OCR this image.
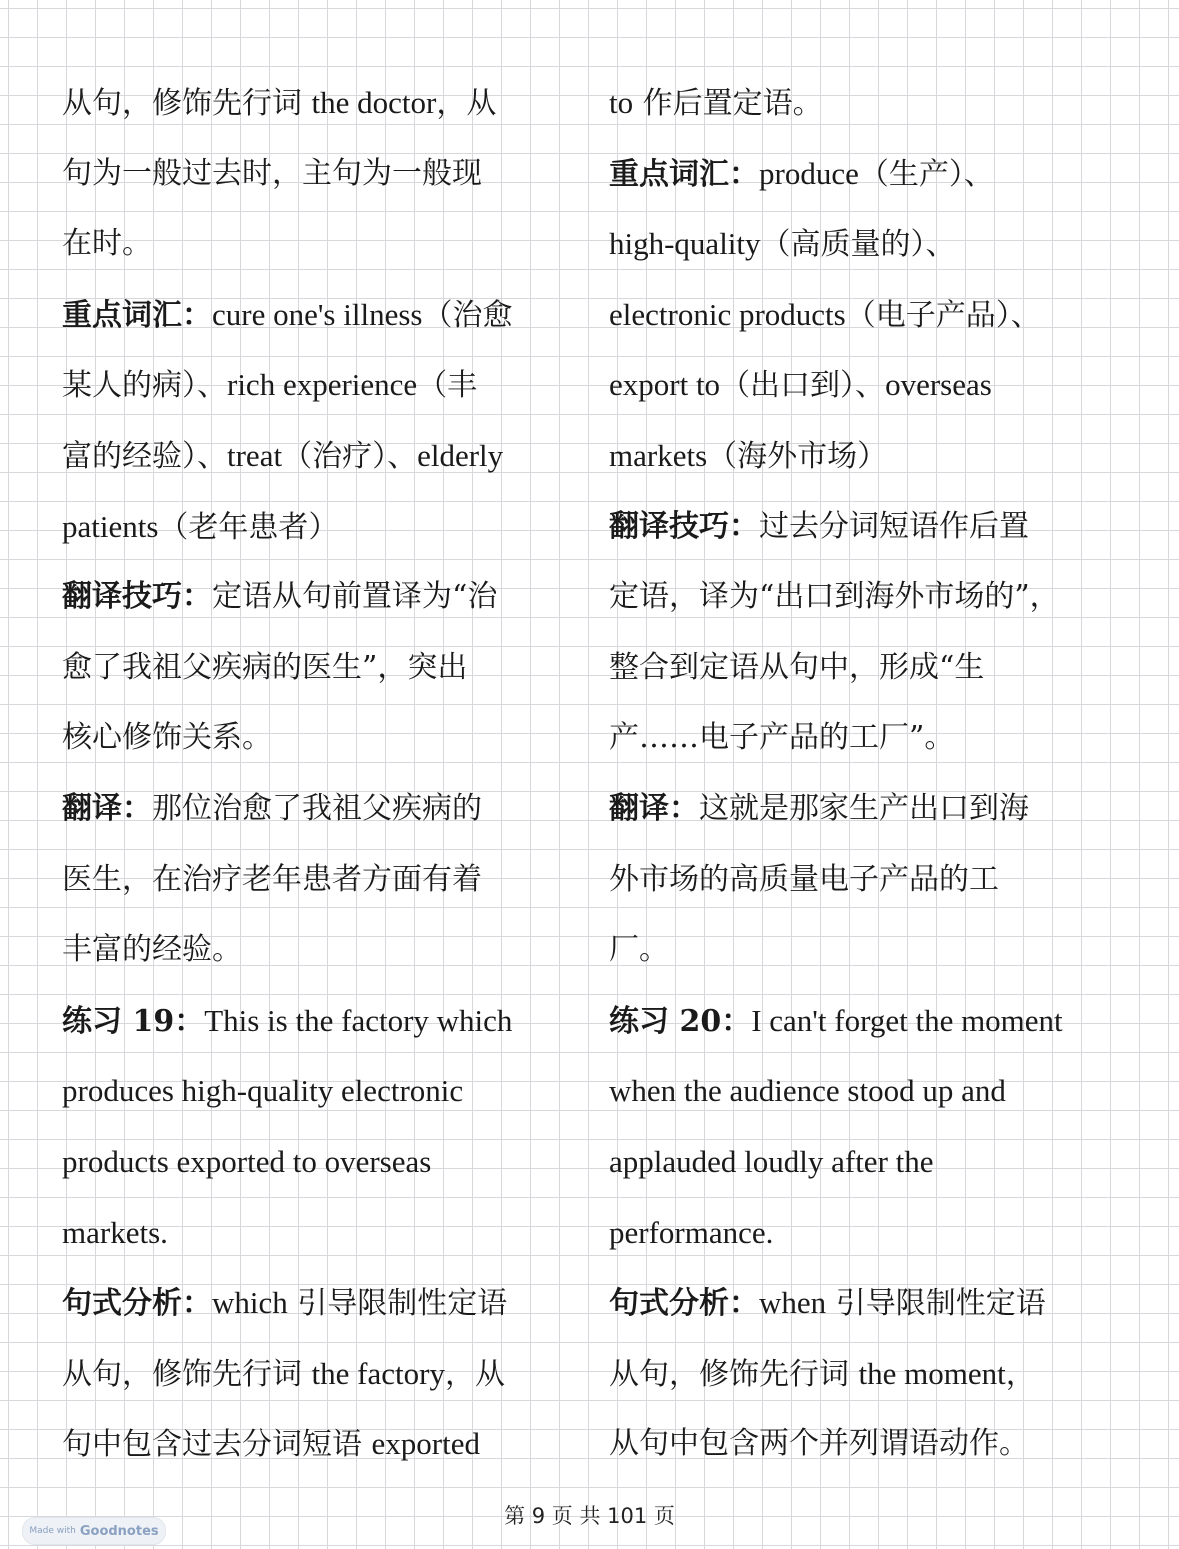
从句，修饰先行词 the doctor，从
句为一般过去时，主句为一般现
在时。
重点词汇：cure one's illness（治愈
某人的病）、rich experience（丰
富的经验）、treat（治疗）、elderly
patients（老年患者）
翻译技巧：定语从句前置译为“治
愈了我祖父疾病的医生”，突出
核心修饰关系。
翻译：那位治愈了我祖父疾病的
医生，在治疗老年患者方面有着
丰富的经验。
练习 19：This is the factory which
produces high-quality electronic
products exported to overseas
markets.
句式分析：which 引导限制性定语
从句，修饰先行词 the factory，从
句中包含过去分词短语 exported
to 作后置定语。
重点词汇：produce（生产）、
high-quality（高质量的）、
electronic products（电子产品）、
export to（出口到）、overseas
markets（海外市场）
翻译技巧：过去分词短语作后置
定语，译为“出口到海外市场的”，
整合到定语从句中，形成“生
产……电子产品的工厂”。
翻译：这就是那家生产出口到海
外市场的高质量电子产品的工
厂。
练习 20：I can't forget the moment
when the audience stood up and
applauded loudly after the
performance.
句式分析：when 引导限制性定语
从句，修饰先行词 the moment，
从句中包含两个并列谓语动作。
第 9 页 共 101 页
Made with Goodnotes
